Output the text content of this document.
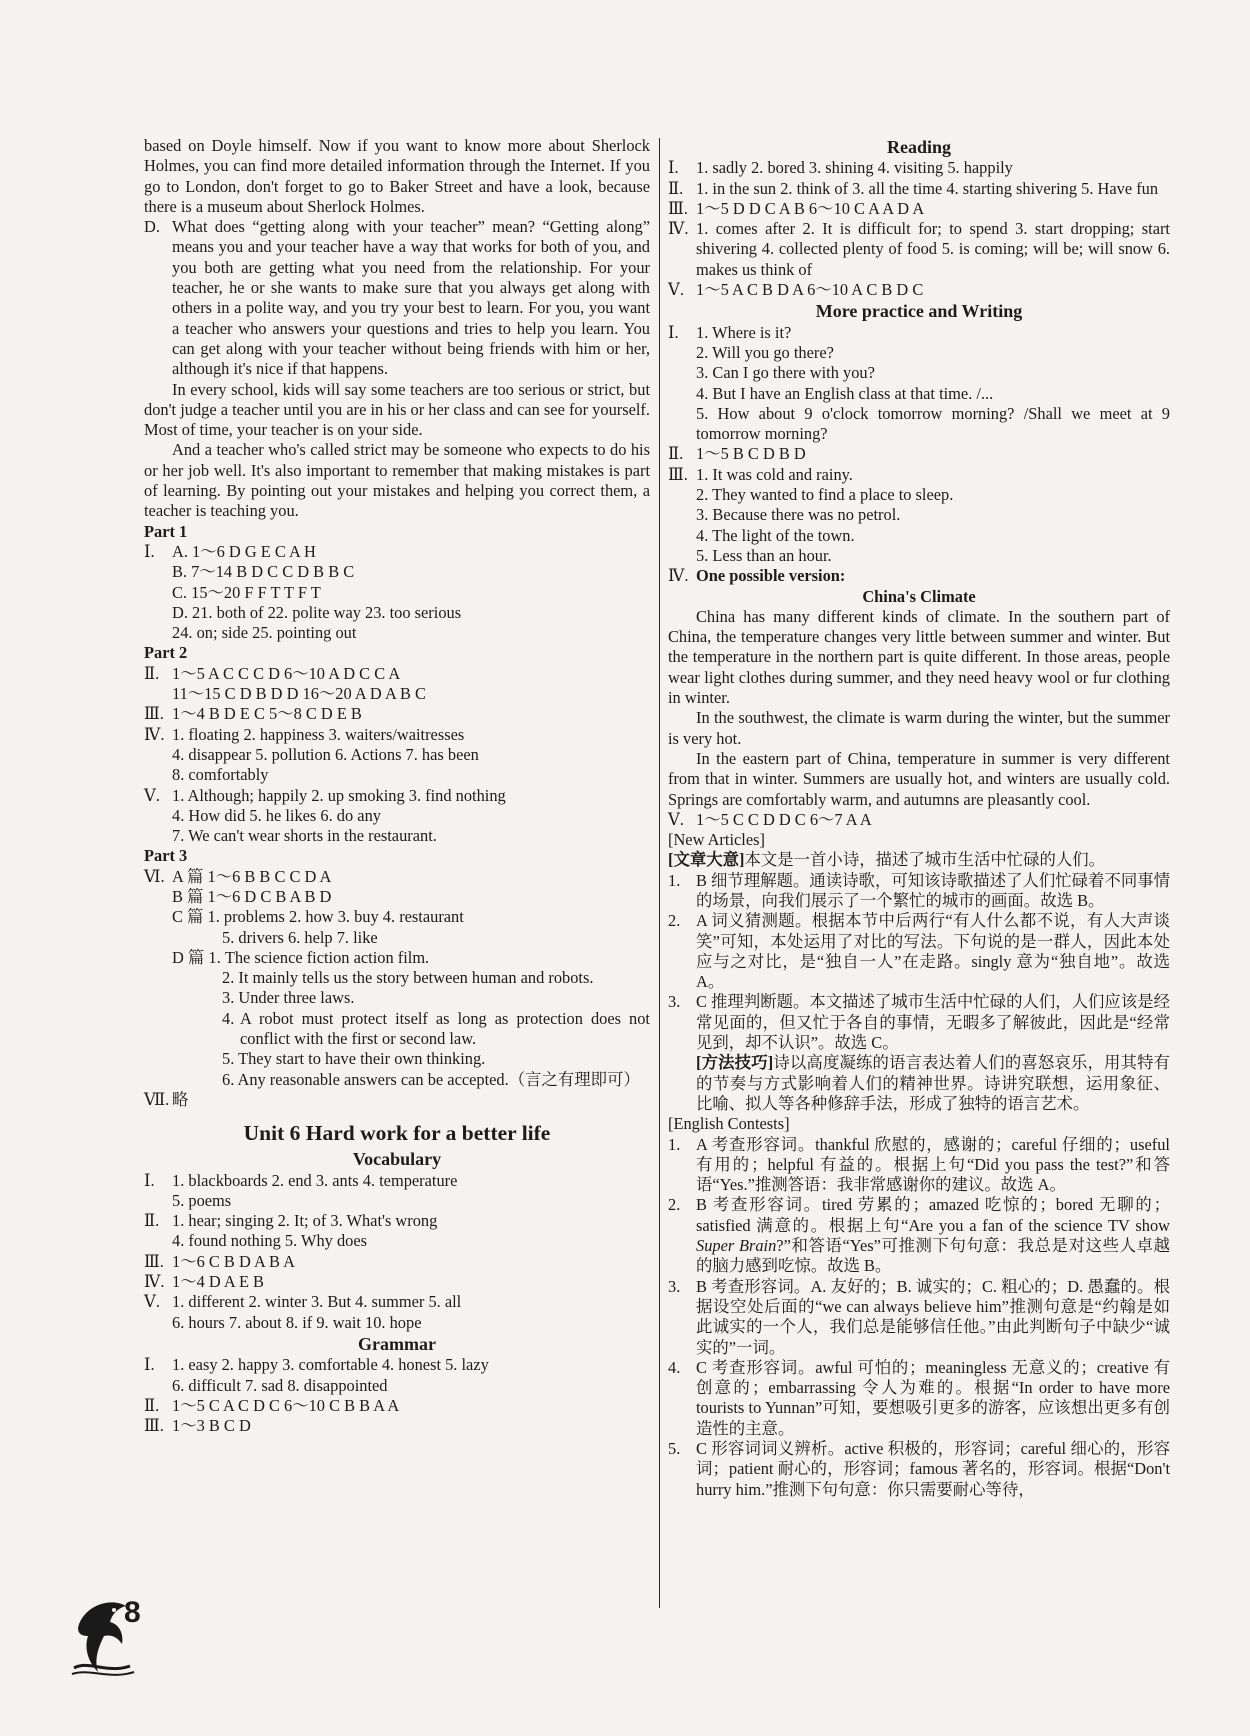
based on Doyle himself. Now if you want to know more about Sherlock Holmes, you can find more detailed information through the Internet. If you go to London, don't forget to go to Baker Street and have a look, because there is a museum about Sherlock Holmes.
D. What does “getting along with your teacher” mean? “Getting along” means you and your teacher have a way that works for both of you, and you both are getting what you need from the relationship. For your teacher, he or she wants to make sure that you always get along with others in a polite way, and you try your best to learn. For you, you want a teacher who answers your questions and tries to help you learn. You can get along with your teacher without being friends with him or her, although it's nice if that happens.
In every school, kids will say some teachers are too serious or strict, but don't judge a teacher until you are in his or her class and can see for yourself. Most of time, your teacher is on your side.
And a teacher who's called strict may be someone who expects to do his or her job well. It's also important to remember that making mistakes is part of learning. By pointing out your mistakes and helping you correct them, a teacher is teaching you.
Part 1
Ⅰ.	A. 1～6 D G E C A H
B. 7～14 B D C C D B B C
C. 15～20 F F T T F T
D. 21. both of 22. polite way 23. too serious
24. on; side 25. pointing out
Part 2
Ⅱ. 1～5 A C C C D 6～10 A D C C A
11～15 C D B D D 16～20 A D A B C
Ⅲ. 1～4 B D E C 5～8 C D E B
Ⅳ. 1. floating 2. happiness 3. waiters/waitresses
4. disappear 5. pollution 6. Actions 7. has been
8. comfortably
Ⅴ. 1. Although; happily 2. up smoking 3. find nothing
4. How did 5. he likes 6. do any
7. We can't wear shorts in the restaurant.
Part 3
Ⅵ. A 篇 1～6 B B C C D A
B 篇 1～6 D C B A B D
C 篇 1. problems 2. how 3. buy 4. restaurant
5. drivers 6. help 7. like
D 篇 1. The science fiction action film.
2. It mainly tells us the story between human and robots.
3. Under three laws.
4. A robot must protect itself as long as protection does not conflict with the first or second law.
5. They start to have their own thinking.
6. Any reasonable answers can be accepted.（言之有理即可）
Ⅶ. 略
Unit 6 Hard work for a better life
Vocabulary
Ⅰ.	1. blackboards 2. end 3. ants 4. temperature
5. poems
Ⅱ. 1. hear; singing 2. It; of 3. What's wrong
4. found nothing 5. Why does
Ⅲ. 1～6 C B D A B A
Ⅳ. 1～4 D A E B
Ⅴ. 1. different 2. winter 3. But 4. summer 5. all
6. hours 7. about 8. if 9. wait 10. hope
Grammar
Ⅰ.	1. easy 2. happy 3. comfortable 4. honest 5. lazy
6. difficult 7. sad 8. disappointed
Ⅱ. 1～5 C A C D C 6～10 C B B A A
Ⅲ. 1～3 B C D
Reading
Ⅰ.	1. sadly 2. bored 3. shining 4. visiting 5. happily
Ⅱ. 1. in the sun 2. think of 3. all the time 4. starting shivering 5. Have fun
Ⅲ. 1～5 D D C A B 6～10 C A A D A
Ⅳ. 1. comes after 2. It is difficult for; to spend 3. start dropping; start shivering 4. collected plenty of food 5. is coming; will be; will snow 6. makes us think of
Ⅴ. 1～5 A C B D A 6～10 A C B D C
More practice and Writing
Ⅰ.	1. Where is it?
2. Will you go there?
3. Can I go there with you?
4. But I have an English class at that time. /...
5. How about 9 o'clock tomorrow morning? /Shall we meet at 9 tomorrow morning?
Ⅱ. 1～5 B C D B D
Ⅲ. 1. It was cold and rainy.
2. They wanted to find a place to sleep.
3. Because there was no petrol.
4. The light of the town.
5. Less than an hour.
Ⅳ. One possible version:
China's Climate
China has many different kinds of climate. In the southern part of China, the temperature changes very little between summer and winter. But the temperature in the northern part is quite different. In those areas, people wear light clothes during summer, and they need heavy wool or fur clothing in winter.
In the southwest, the climate is warm during the winter, but the summer is very hot.
In the eastern part of China, temperature in summer is very different from that in winter. Summers are usually hot, and winters are usually cold. Springs are comfortably warm, and autumns are pleasantly cool.
Ⅴ. 1～5 C C D D C 6～7 A A
[New Articles]
[文章大意]本文是一首小诗，描述了城市生活中忙碌的人们。
1. B 细节理解题。通读诗歌，可知该诗歌描述了人们忙碌着不同事情的场景，向我们展示了一个繁忙的城市的画面。故选 B。
2. A 词义猜测题。根据本节中后两行“有人什么都不说，有人大声谈笑”可知，本处运用了对比的写法。下句说的是一群人，因此本处应与之对比，是“独自一人”在走路。singly 意为“独自地”。故选 A。
3. C 推理判断题。本文描述了城市生活中忙碌的人们，人们应该是经常见面的，但又忙于各自的事情，无暇多了解彼此，因此是“经常见到，却不认识”。故选 C。
[方法技巧]诗以高度凝练的语言表达着人们的喜怒哀乐，用其特有的节奏与方式影响着人们的精神世界。诗讲究联想，运用象征、比喻、拟人等各种修辞手法，形成了独特的语言艺术。
[English Contests]
1. A 考查形容词。thankful 欣慰的，感谢的；careful 仔细的；useful 有用的；helpful 有益的。根据上句“Did you pass the test?”和答语“Yes.”推测答语：我非常感谢你的建议。故选 A。
2. B 考查形容词。tired 劳累的；amazed 吃惊的；bored 无聊的；satisfied 满意的。根据上句“Are you a fan of the science TV show Super Brain?”和答语“Yes”可推测下句句意：我总是对这些人卓越的脑力感到吃惊。故选 B。
3. B 考查形容词。A. 友好的；B. 诚实的；C. 粗心的；D. 愚蠢的。根据设空处后面的“we can always believe him”推测句意是“约翰是如此诚实的一个人，我们总是能够信任他。”由此判断句子中缺少“诚实的”一词。
4. C 考查形容词。awful 可怕的；meaningless 无意义的；creative 有创意的；embarrassing 令人为难的。根据“In order to have more tourists to Yunnan”可知，要想吸引更多的游客，应该想出更多有创造性的主意。
5. C 形容词词义辨析。active 积极的，形容词；careful 细心的，形容词；patient 耐心的，形容词；famous 著名的，形容词。根据“Don't hurry him.”推测下句句意：你只需要耐心等待，
8
